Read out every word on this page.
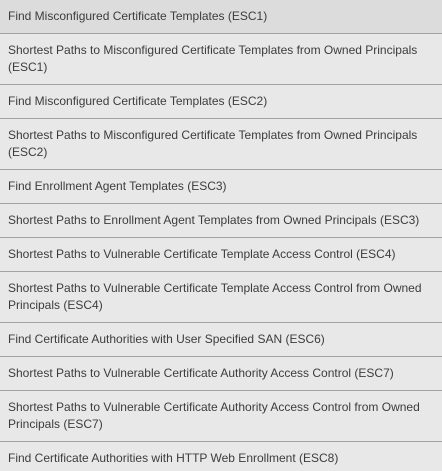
Find Misconfigured Certificate Templates (ESC1)
Shortest Paths to Misconfigured Certificate Templates from Owned Principals (ESC1)
Find Misconfigured Certificate Templates (ESC2)
Shortest Paths to Misconfigured Certificate Templates from Owned Principals (ESC2)
Find Enrollment Agent Templates (ESC3)
Shortest Paths to Enrollment Agent Templates from Owned Principals (ESC3)
Shortest Paths to Vulnerable Certificate Template Access Control (ESC4)
Shortest Paths to Vulnerable Certificate Template Access Control from Owned Principals (ESC4)
Find Certificate Authorities with User Specified SAN (ESC6)
Shortest Paths to Vulnerable Certificate Authority Access Control (ESC7)
Shortest Paths to Vulnerable Certificate Authority Access Control from Owned Principals (ESC7)
Find Certificate Authorities with HTTP Web Enrollment (ESC8)
